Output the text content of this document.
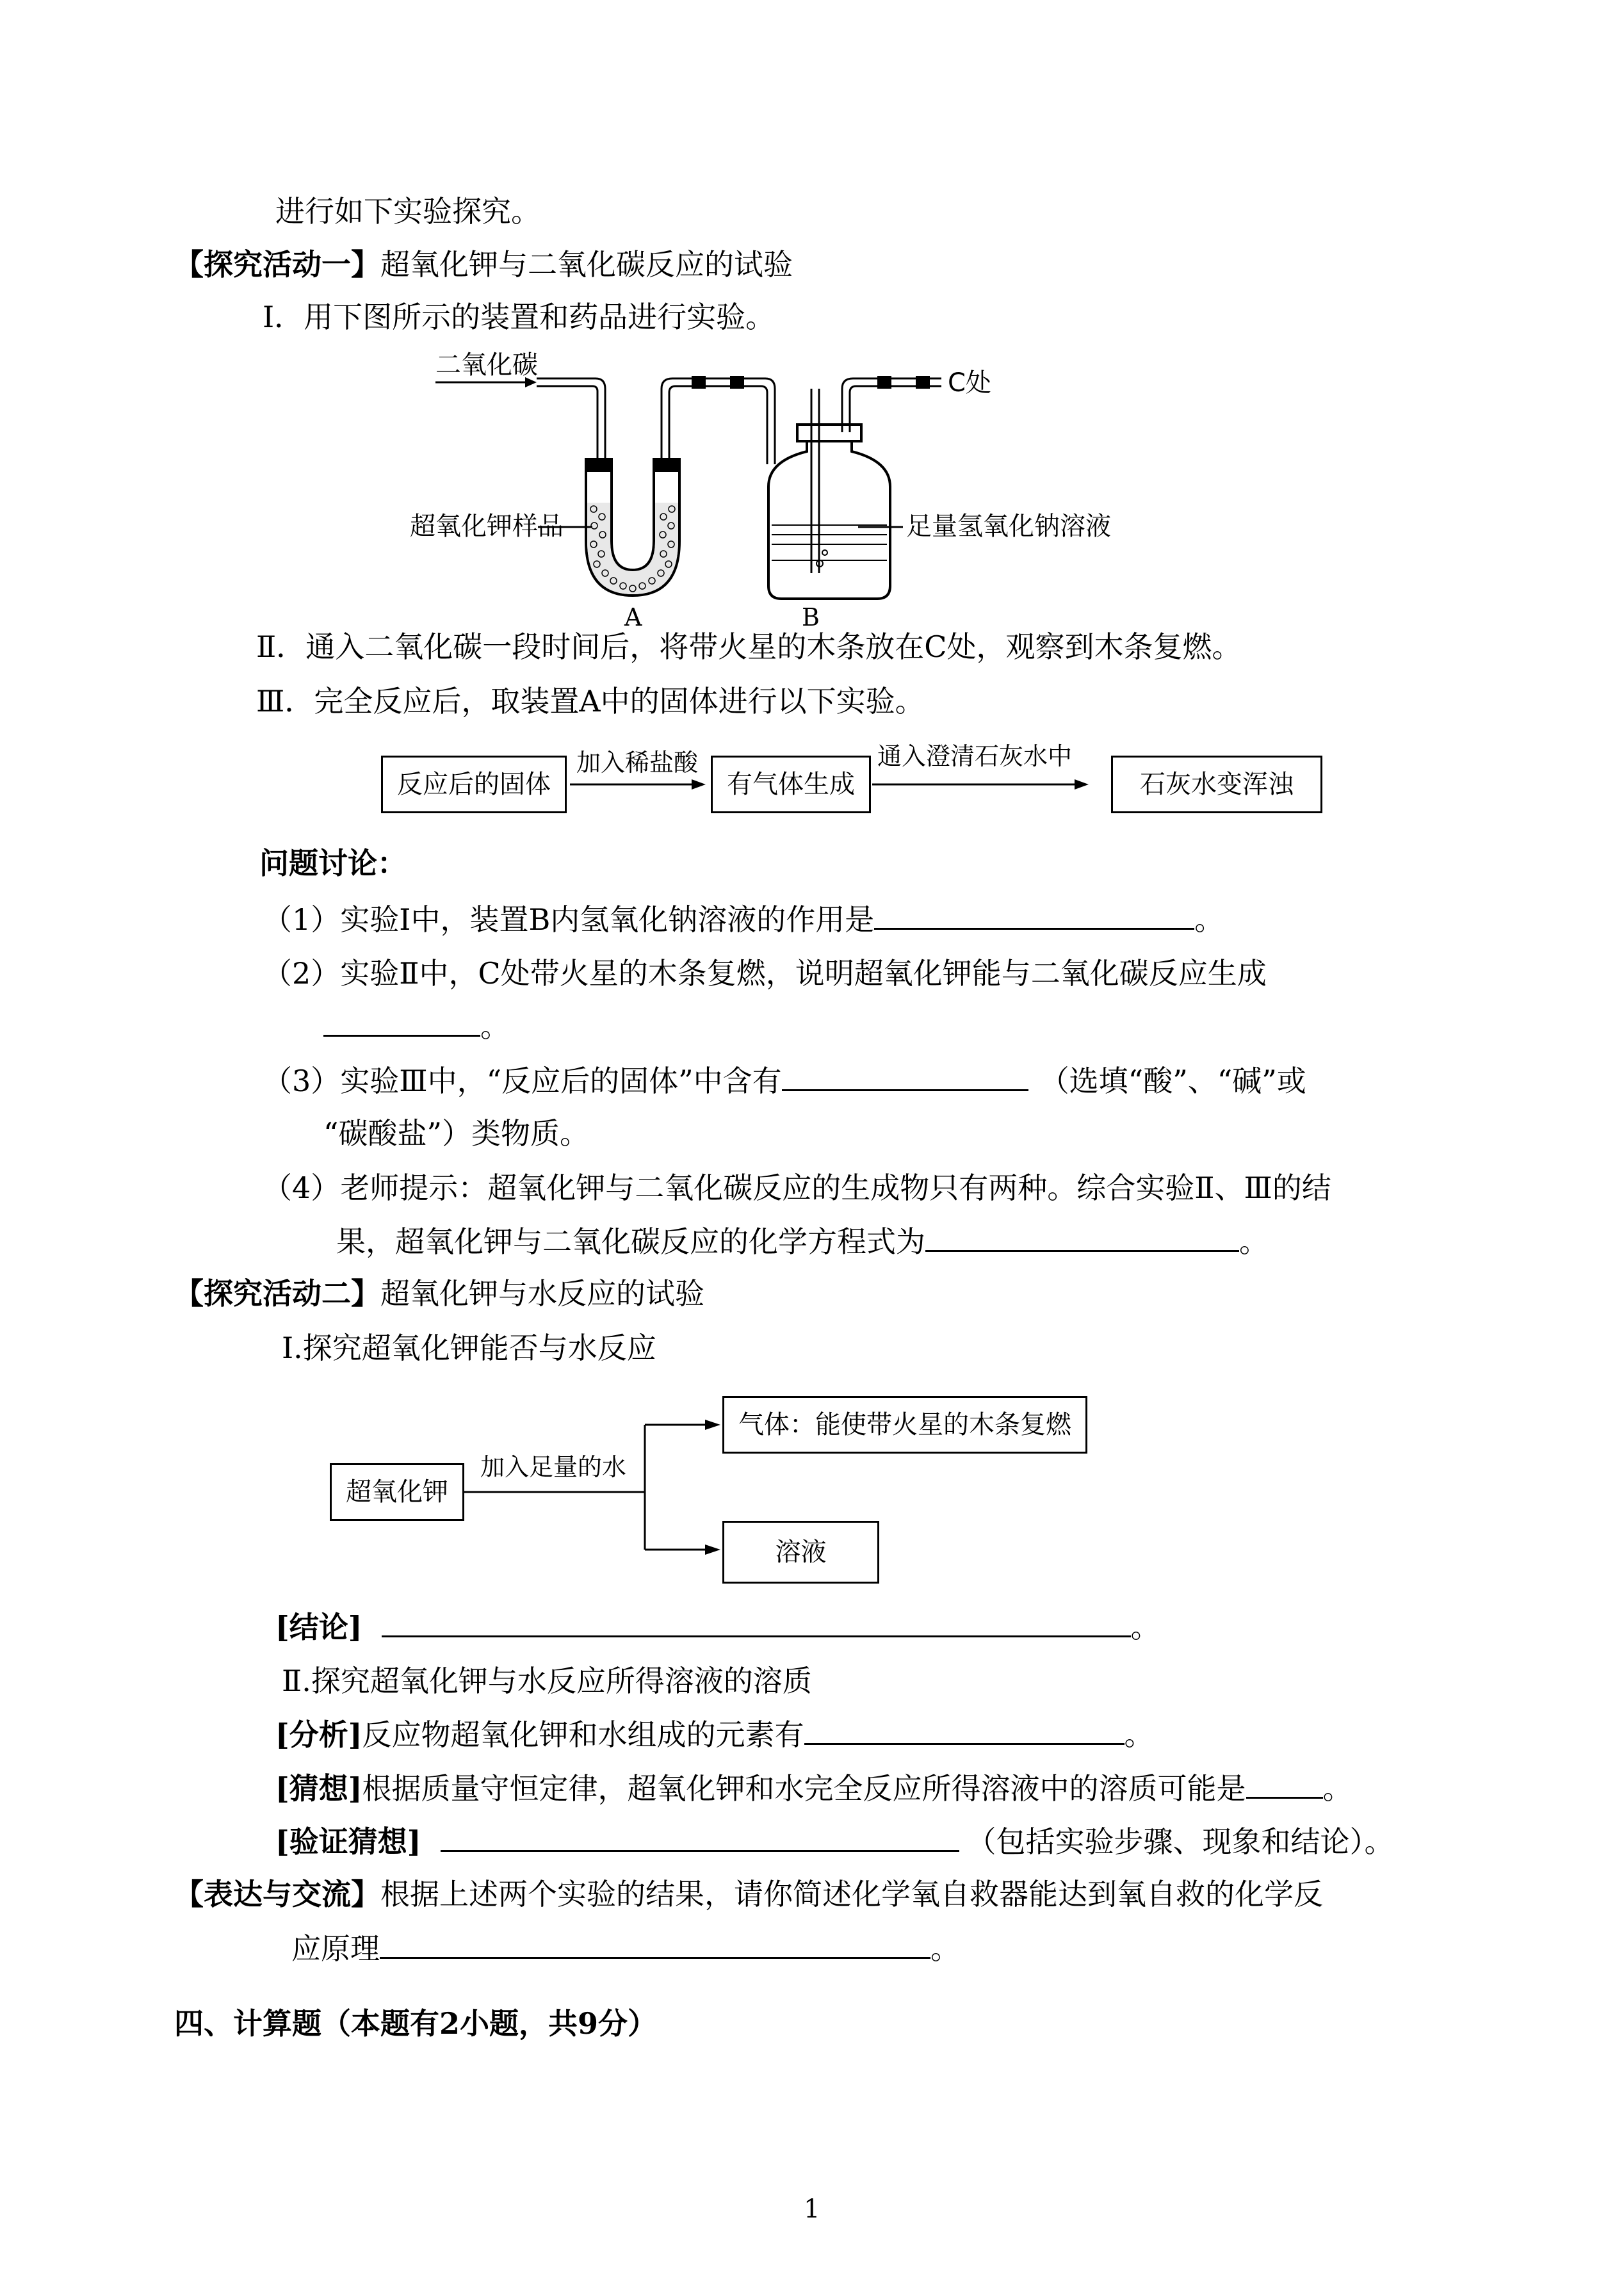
进行如下实验探究。
【探究活动一】超氧化钾与二氧化碳反应的试验
Ⅰ．用下图所示的装置和药品进行实验。
二氧化碳
C处
超氧化钾样品	足量氢氧化钠溶液
A	B
Ⅱ．通入二氧化碳一段时间后，将带火星的木条放在C处，观察到木条复燃。
Ⅲ．完全反应后，取装置A中的固体进行以下实验。
反应后的固体
加入稀盐酸
有气体生成
通入澄清石灰水中
石灰水变浑浊
问题讨论：
（1）实验Ⅰ中，装置B内氢氧化钠溶液的作用是	。
（2）实验Ⅱ中，C处带火星的木条复燃，说明超氧化钾能与二氧化碳反应生成
。
（3）实验Ⅲ中，“反应后的固体”中含有	（选填“酸”、“碱”或
“碳酸盐”）类物质。
（4）老师提示：超氧化钾与二氧化碳反应的生成物只有两种。综合实验Ⅱ、Ⅲ的结
果，超氧化钾与二氧化碳反应的化学方程式为	。
【探究活动二】超氧化钾与水反应的试验
Ⅰ.探究超氧化钾能否与水反应
超氧化钾
加入足量的水
气体：能使带火星的木条复燃
溶液
[结论]	。
Ⅱ.探究超氧化钾与水反应所得溶液的溶质
[分析]反应物超氧化钾和水组成的元素有	。
[猜想]根据质量守恒定律，超氧化钾和水完全反应所得溶液中的溶质可能是	。
[验证猜想]	（包括实验步骤、现象和结论）。
【表达与交流】根据上述两个实验的结果，请你简述化学氧自救器能达到氧自救的化学反
应原理	。
四、计算题（本题有2小题，共9分）
1
